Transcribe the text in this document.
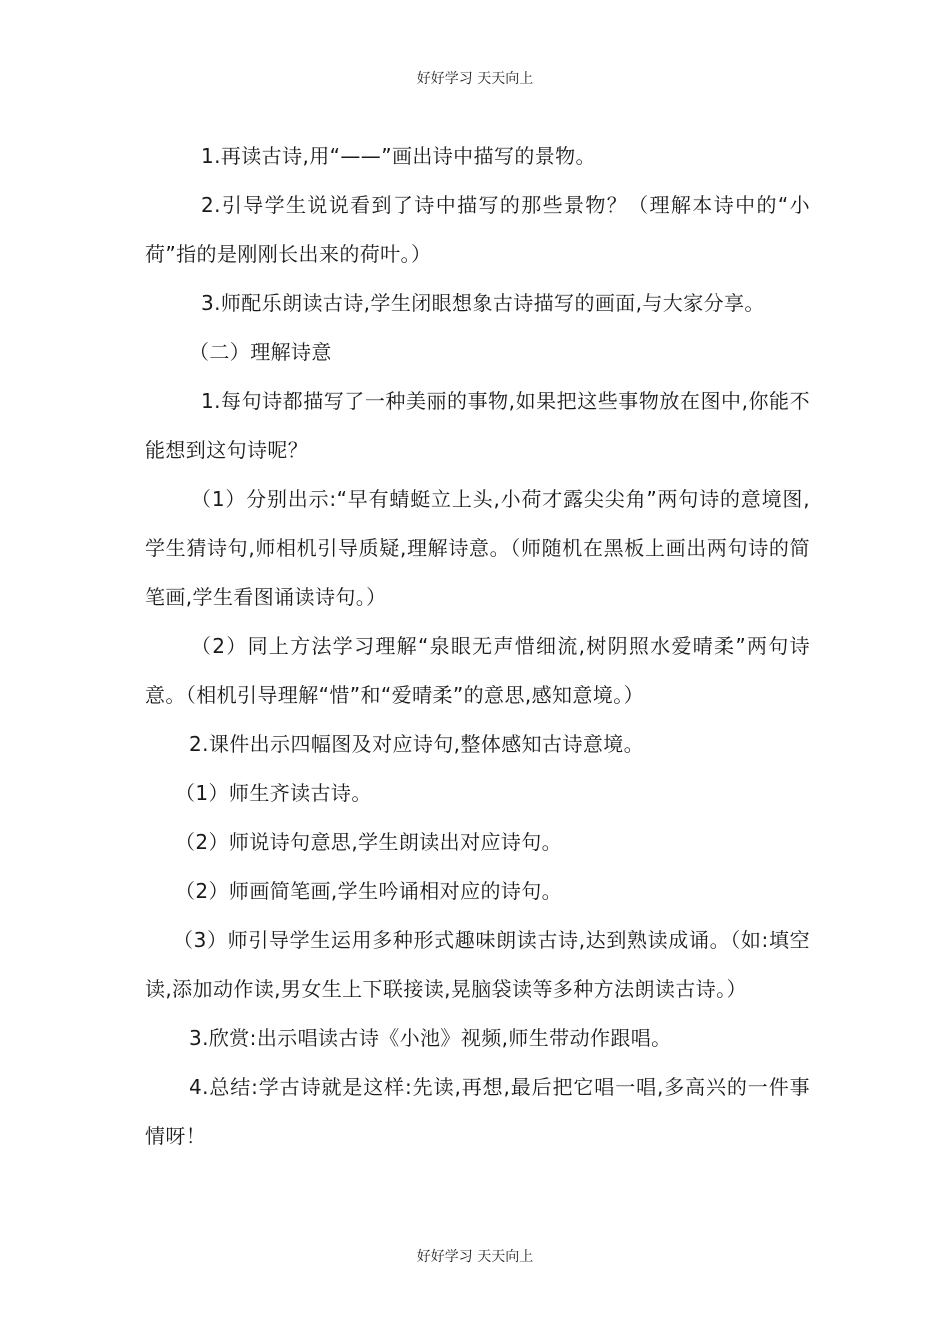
好好学习 天天向上

1.再读古诗,用“——”画出诗中描写的景物。

2.引导学生说说看到了诗中描写的那些景物？（理解本诗中的“小荷”指的是刚刚长出来的荷叶。）

3.师配乐朗读古诗,学生闭眼想象古诗描写的画面,与大家分享。

（二）理解诗意

1.每句诗都描写了一种美丽的事物,如果把这些事物放在图中,你能不能想到这句诗呢？

（1）分别出示:“早有蜻蜓立上头,小荷才露尖尖角”两句诗的意境图,学生猜诗句,师相机引导质疑,理解诗意。（师随机在黑板上画出两句诗的简笔画,学生看图诵读诗句。）

（2）同上方法学习理解“泉眼无声惜细流,树阴照水爱晴柔”两句诗意。（相机引导理解“惜”和“爱晴柔”的意思,感知意境。）

2.课件出示四幅图及对应诗句,整体感知古诗意境。

（1）师生齐读古诗。

（2）师说诗句意思,学生朗读出对应诗句。

（2）师画简笔画,学生吟诵相对应的诗句。

（3）师引导学生运用多种形式趣味朗读古诗,达到熟读成诵。（如:填空读,添加动作读,男女生上下联接读,晃脑袋读等多种方法朗读古诗。）

3.欣赏:出示唱读古诗《小池》视频,师生带动作跟唱。

4.总结:学古诗就是这样:先读,再想,最后把它唱一唱,多高兴的一件事情呀！

好好学习 天天向上
